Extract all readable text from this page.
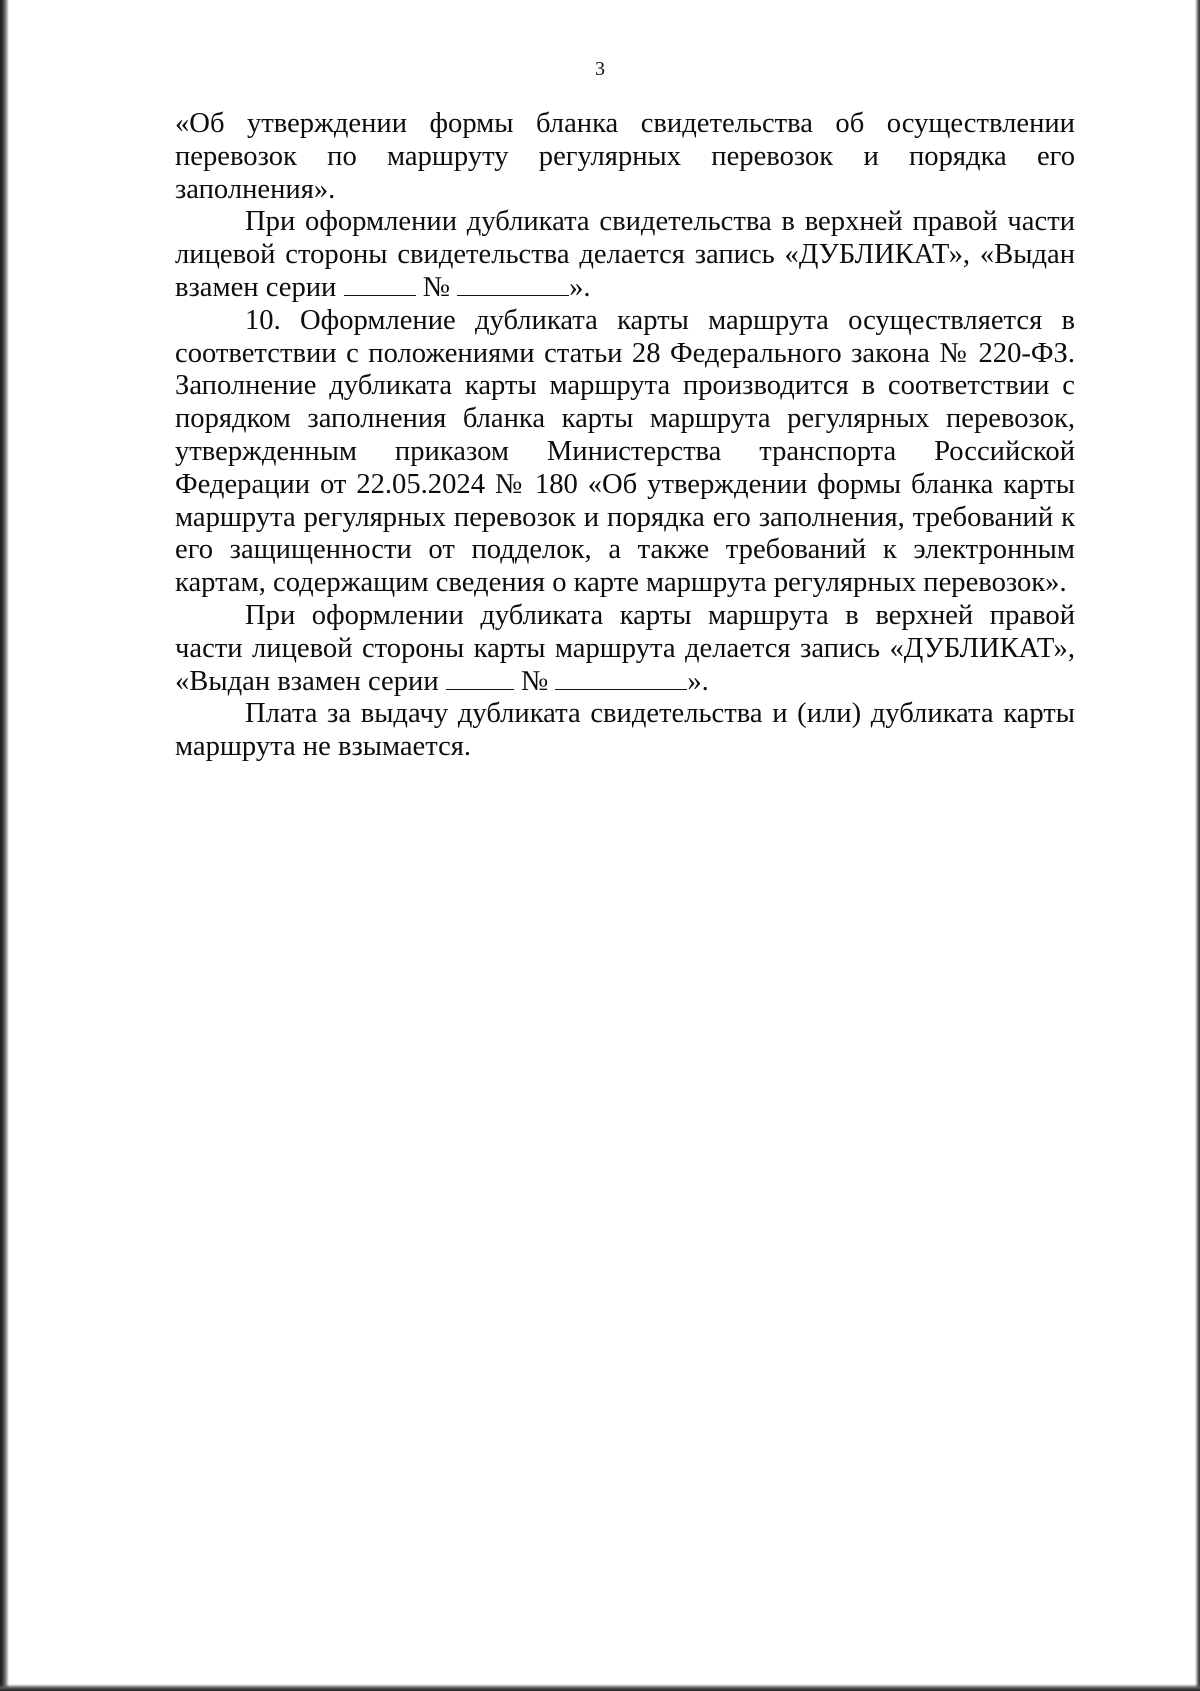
3

«Об утверждении формы бланка свидетельства об осуществлении перевозок по маршруту регулярных перевозок и порядка его заполнения».

При оформлении дубликата свидетельства в верхней правой части лицевой стороны свидетельства делается запись «ДУБЛИКАТ», «Выдан взамен серии	№	».

10. Оформление дубликата карты маршрута осуществляется в соответствии с положениями статьи 28 Федерального закона № 220-ФЗ. Заполнение дубликата карты маршрута производится в соответствии с порядком заполнения бланка карты маршрута регулярных перевозок, утвержденным приказом Министерства транспорта Российской Федерации от 22.05.2024 № 180 «Об утверждении формы бланка карты маршрута регулярных перевозок и порядка его заполнения, требований к его защищенности от подделок, а также требований к электронным картам, содержащим сведения о карте маршрута регулярных перевозок».

При оформлении дубликата карты маршрута в верхней правой части лицевой стороны карты маршрута делается запись «ДУБЛИКАТ», «Выдан взамен серии  №	».

Плата за выдачу дубликата свидетельства и (или) дубликата карты маршрута не взымается.
